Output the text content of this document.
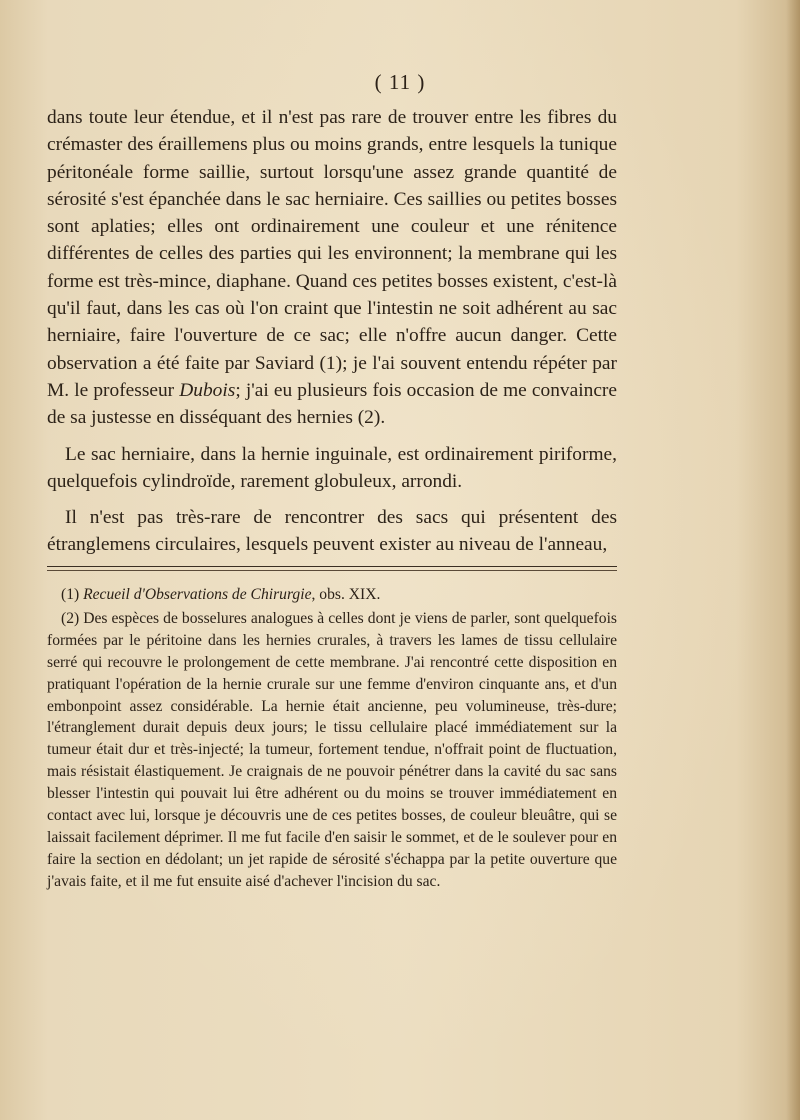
( 11 )

dans toute leur étendue, et il n'est pas rare de trouver entre les fibres du crémaster des éraillemens plus ou moins grands, entre lesquels la tunique péritonéale forme saillie, surtout lorsqu'une assez grande quantité de sérosité s'est épanchée dans le sac herniaire. Ces saillies ou petites bosses sont aplaties; elles ont ordinairement une couleur et une rénitence différentes de celles des parties qui les environnent; la membrane qui les forme est très-mince, diaphane. Quand ces petites bosses existent, c'est-là qu'il faut, dans les cas où l'on craint que l'intestin ne soit adhérent au sac herniaire, faire l'ouverture de ce sac; elle n'offre aucun danger. Cette observation a été faite par Saviard (1); je l'ai souvent entendu répéter par M. le professeur Dubois; j'ai eu plusieurs fois occasion de me convaincre de sa justesse en disséquant des hernies (2).

Le sac herniaire, dans la hernie inguinale, est ordinairement piriforme, quelquefois cylindroïde, rarement globuleux, arrondi.

Il n'est pas très-rare de rencontrer des sacs qui présentent des étranglemens circulaires, lesquels peuvent exister au niveau de l'anneau,

(1) Recueil d'Observations de Chirurgie, obs. XIX.

(2) Des espèces de bosselures analogues à celles dont je viens de parler, sont quelquefois formées par le péritoine dans les hernies crurales, à travers les lames de tissu cellulaire serré qui recouvre le prolongement de cette membrane. J'ai rencontré cette disposition en pratiquant l'opération de la hernie crurale sur une femme d'environ cinquante ans, et d'un embonpoint assez considérable. La hernie était ancienne, peu volumineuse, très-dure; l'étranglement durait depuis deux jours; le tissu cellulaire placé immédiatement sur la tumeur était dur et très-injecté; la tumeur, fortement tendue, n'offrait point de fluctuation, mais résistait élastiquement. Je craignais de ne pouvoir pénétrer dans la cavité du sac sans blesser l'intestin qui pouvait lui être adhérent ou du moins se trouver immédiatement en contact avec lui, lorsque je découvris une de ces petites bosses, de couleur bleuâtre, qui se laissait facilement déprimer. Il me fut facile d'en saisir le sommet, et de le soulever pour en faire la section en dédolant; un jet rapide de sérosité s'échappa par la petite ouverture que j'avais faite, et il me fut ensuite aisé d'achever l'incision du sac.
